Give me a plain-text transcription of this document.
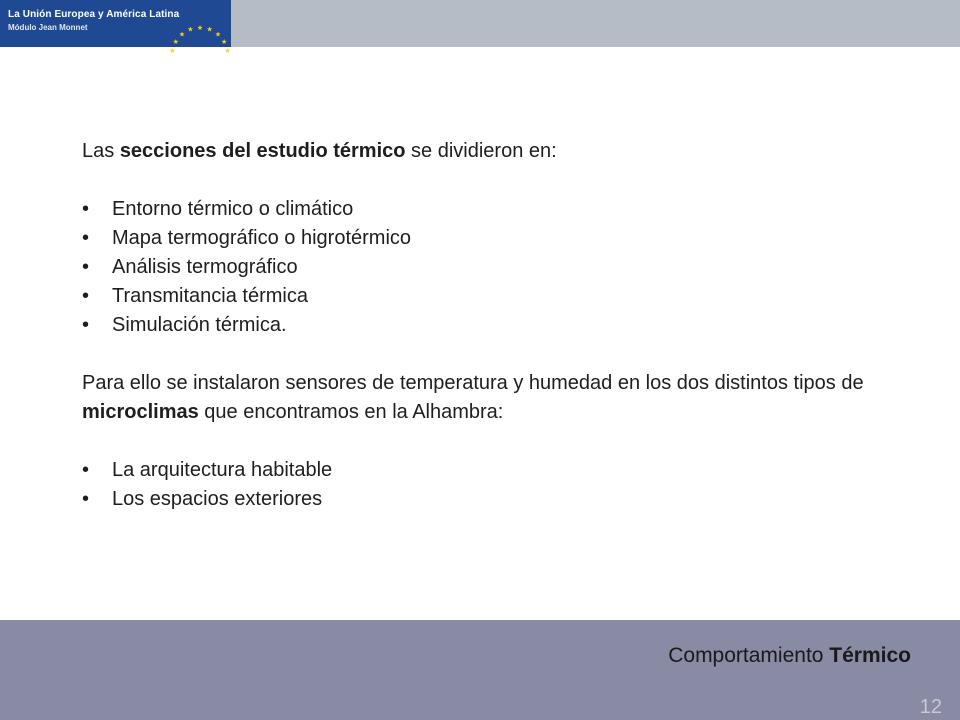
★
★
★
★ ★ ★
★
★
★
La Unión Europea y América Latina
Módulo Jean Monnet

Las secciones del estudio térmico se dividieron en:

• Entorno térmico o climático
• Mapa termográfico o higrotérmico
• Análisis termográfico
• Transmitancia térmica
• Simulación térmica.

Para ello se instalaron sensores de temperatura y humedad en los dos distintos tipos de microclimas que encontramos en la Alhambra:

• La arquitectura habitable
• Los espacios exteriores
Comportamiento Térmico
12
